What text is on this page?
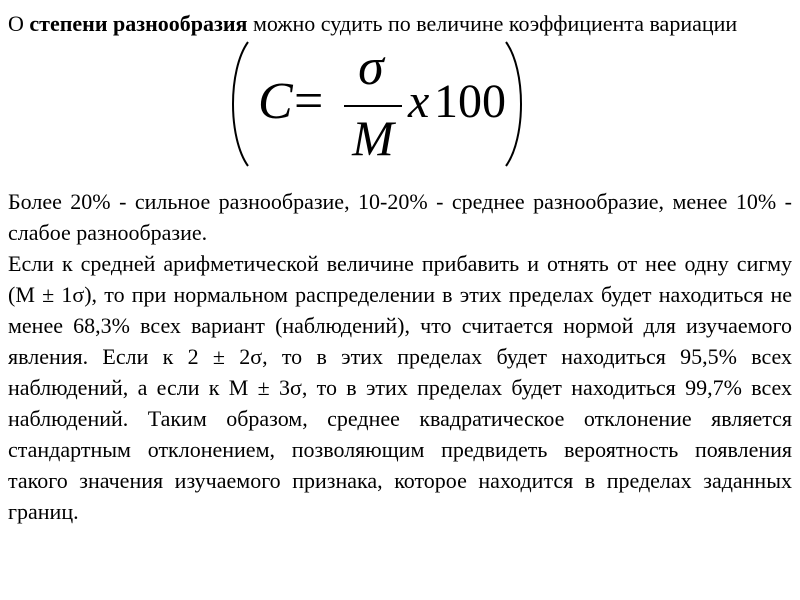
О степени разнообразия можно судить по величине коэффициента вариации

C =
σ
M
x 100

Более 20% - сильное разнообразие, 10-20% - среднее разнообразие, менее 10% - слабое разнообразие.

Если к средней арифметической величине прибавить и отнять от нее одну сигму (М ± 1σ), то при нормальном распределении в этих пределах будет находиться не менее 68,3% всех вариант (наблюдений), что считается нормой для изучаемого явления. Если к 2 ± 2σ, то в этих пределах будет находиться 95,5% всех наблюдений, а если к М ± 3σ, то в этих пределах будет находиться 99,7% всех наблюдений. Таким образом, среднее квадратическое отклонение является стандартным отклонением, позволяющим предвидеть вероятность появления такого значения изучаемого признака, которое находится в пределах заданных границ.
